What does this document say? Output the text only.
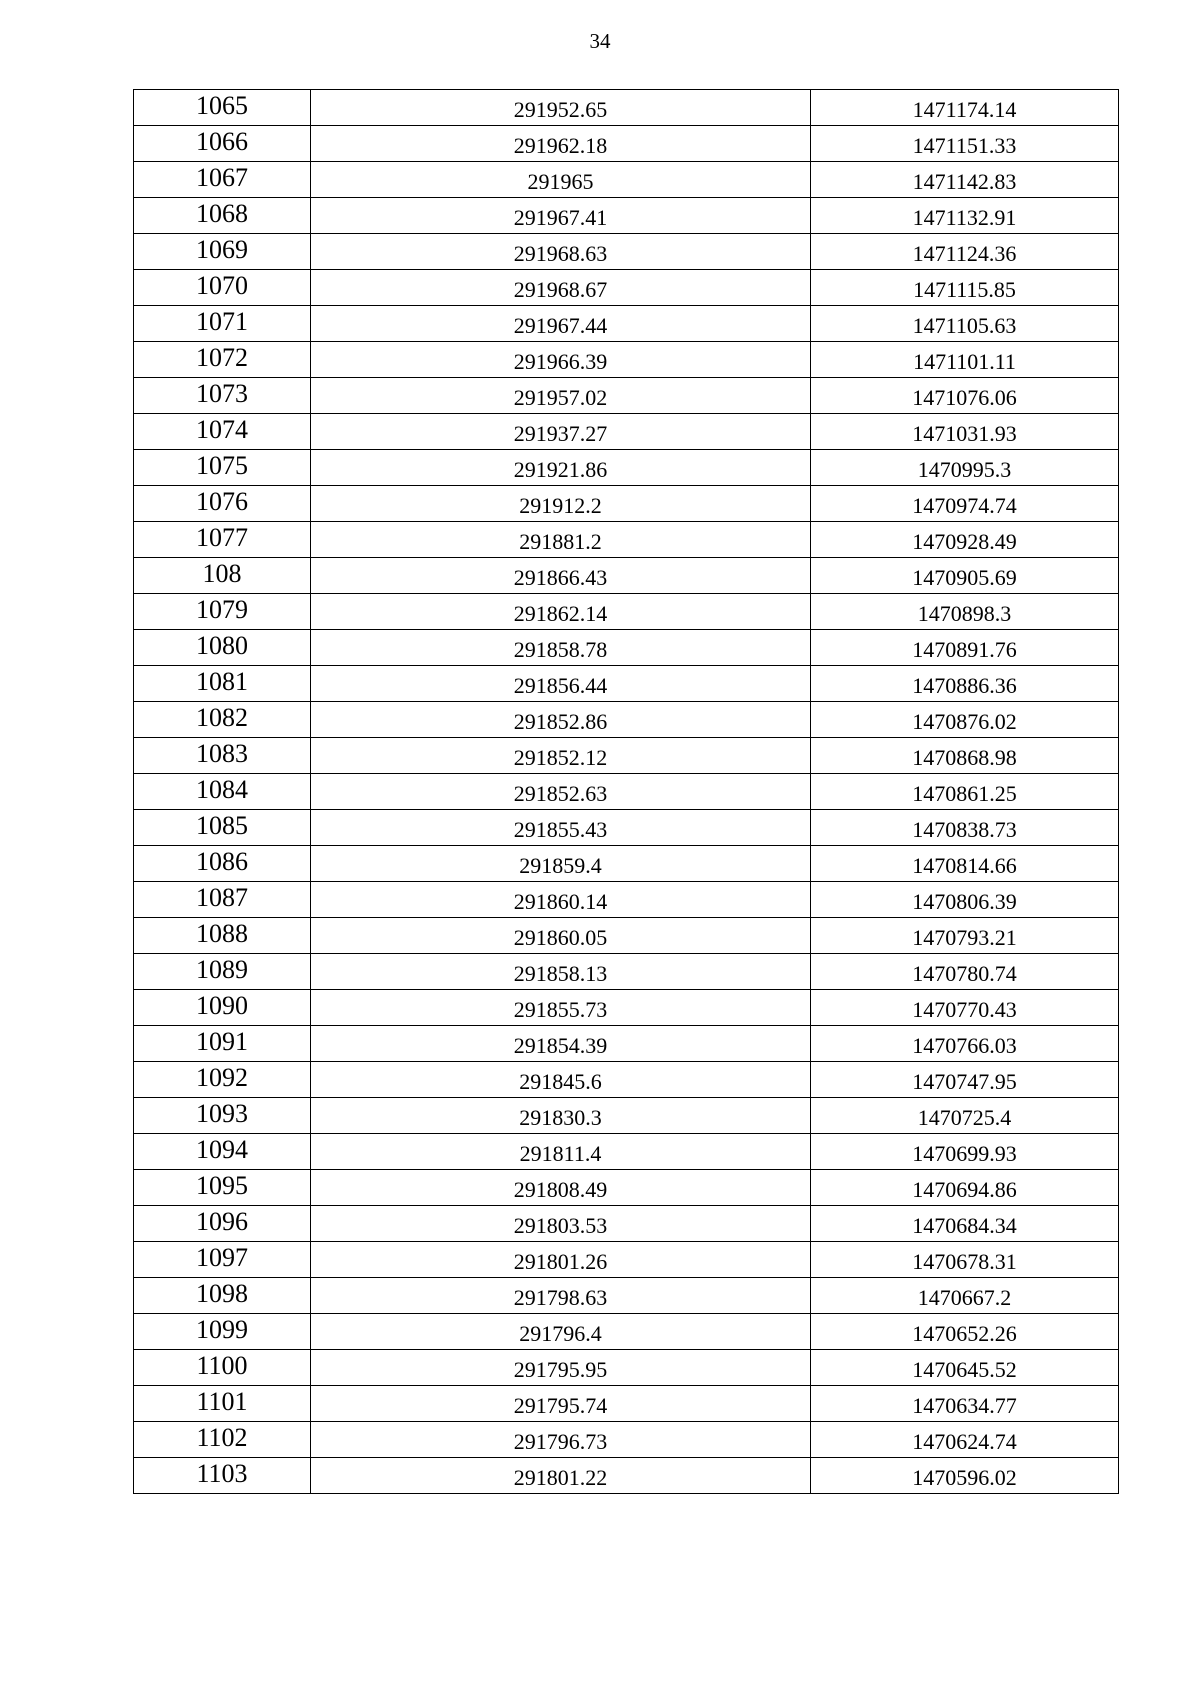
34
1065	291952.65	1471174.14
1066	291962.18	1471151.33
1067	291965	1471142.83
1068	291967.41	1471132.91
1069	291968.63	1471124.36
1070	291968.67	1471115.85
1071	291967.44	1471105.63
1072	291966.39	1471101.11
1073	291957.02	1471076.06
1074	291937.27	1471031.93
1075	291921.86	1470995.3
1076	291912.2	1470974.74
1077	291881.2	1470928.49
108	291866.43	1470905.69
1079	291862.14	1470898.3
1080	291858.78	1470891.76
1081	291856.44	1470886.36
1082	291852.86	1470876.02
1083	291852.12	1470868.98
1084	291852.63	1470861.25
1085	291855.43	1470838.73
1086	291859.4	1470814.66
1087	291860.14	1470806.39
1088	291860.05	1470793.21
1089	291858.13	1470780.74
1090	291855.73	1470770.43
1091	291854.39	1470766.03
1092	291845.6	1470747.95
1093	291830.3	1470725.4
1094	291811.4	1470699.93
1095	291808.49	1470694.86
1096	291803.53	1470684.34
1097	291801.26	1470678.31
1098	291798.63	1470667.2
1099	291796.4	1470652.26
1100	291795.95	1470645.52
1101	291795.74	1470634.77
1102	291796.73	1470624.74
1103	291801.22	1470596.02
